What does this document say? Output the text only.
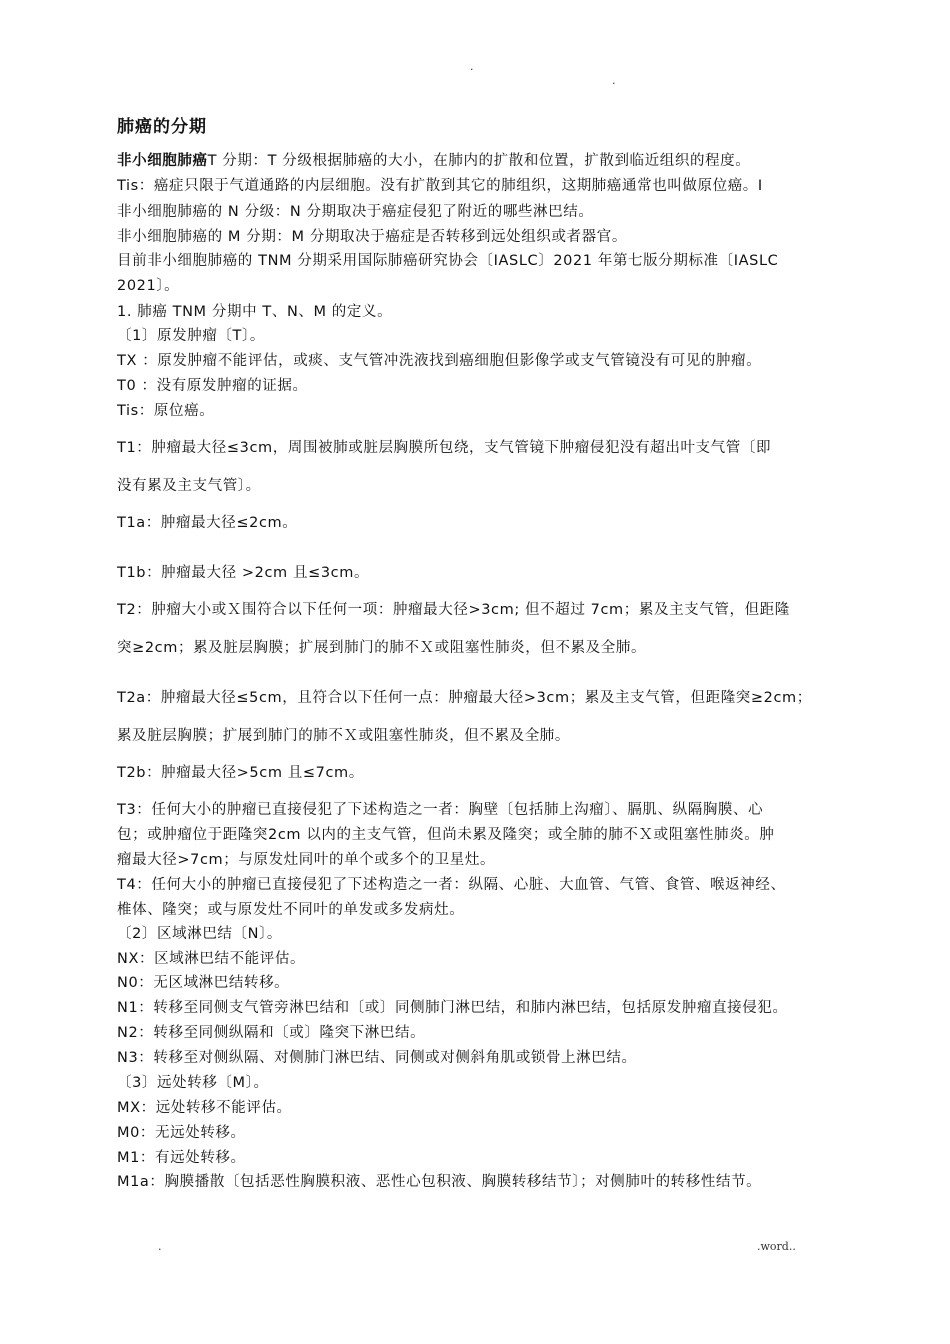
.
.
肺癌的分期
非小细胞肺癌T 分期：T 分级根据肺癌的大小，在肺内的扩散和位置，扩散到临近组织的程度。
Tis：癌症只限于气道通路的内层细胞。没有扩散到其它的肺组织，这期肺癌通常也叫做原位癌。I
非小细胞肺癌的 N 分级：N 分期取决于癌症侵犯了附近的哪些淋巴结。
非小细胞肺癌的 M 分期：M 分期取决于癌症是否转移到远处组织或者器官。
目前非小细胞肺癌的 TNM 分期采用国际肺癌研究协会〔IASLC〕2021 年第七版分期标准〔IASLC
2021〕。
1. 肺癌 TNM 分期中 T、N、M 的定义。
〔1〕原发肿瘤〔T〕。
TX ：原发肿瘤不能评估，或痰、支气管冲洗液找到癌细胞但影像学或支气管镜没有可见的肿瘤。
T0 ：没有原发肿瘤的证据。
Tis：原位癌。
T1：肿瘤最大径≤3cm，周围被肺或脏层胸膜所包绕，支气管镜下肿瘤侵犯没有超出叶支气管〔即
没有累及主支气管〕。
T1a：肿瘤最大径≤2cm。
T1b：肿瘤最大径 >2cm 且≤3cm。
T2：肿瘤大小或Ｘ围符合以下任何一项：肿瘤最大径>3cm; 但不超过 7cm；累及主支气管，但距隆
突≥2cm；累及脏层胸膜；扩展到肺门的肺不Ｘ或阻塞性肺炎，但不累及全肺。
T2a：肿瘤最大径≤5cm，且符合以下任何一点：肿瘤最大径>3cm；累及主支气管，但距隆突≥2cm；
累及脏层胸膜；扩展到肺门的肺不Ｘ或阻塞性肺炎，但不累及全肺。
T2b：肿瘤最大径>5cm 且≤7cm。
T3：任何大小的肿瘤已直接侵犯了下述构造之一者：胸壁〔包括肺上沟瘤〕、膈肌、纵隔胸膜、心
包；或肿瘤位于距隆突2cm 以内的主支气管，但尚未累及隆突；或全肺的肺不Ｘ或阻塞性肺炎。肿
瘤最大径>7cm；与原发灶同叶的单个或多个的卫星灶。
T4：任何大小的肿瘤已直接侵犯了下述构造之一者：纵隔、心脏、大血管、气管、食管、喉返神经、
椎体、隆突；或与原发灶不同叶的单发或多发病灶。
〔2〕区域淋巴结〔N〕。
NX：区域淋巴结不能评估。
N0：无区域淋巴结转移。
N1：转移至同侧支气管旁淋巴结和〔或〕同侧肺门淋巴结，和肺内淋巴结，包括原发肿瘤直接侵犯。
N2：转移至同侧纵隔和〔或〕隆突下淋巴结。
N3：转移至对侧纵隔、对侧肺门淋巴结、同侧或对侧斜角肌或锁骨上淋巴结。
〔3〕远处转移〔M〕。
MX：远处转移不能评估。
M0：无远处转移。
M1：有远处转移。
M1a：胸膜播散〔包括恶性胸膜积液、恶性心包积液、胸膜转移结节〕；对侧肺叶的转移性结节。
.	.word..
